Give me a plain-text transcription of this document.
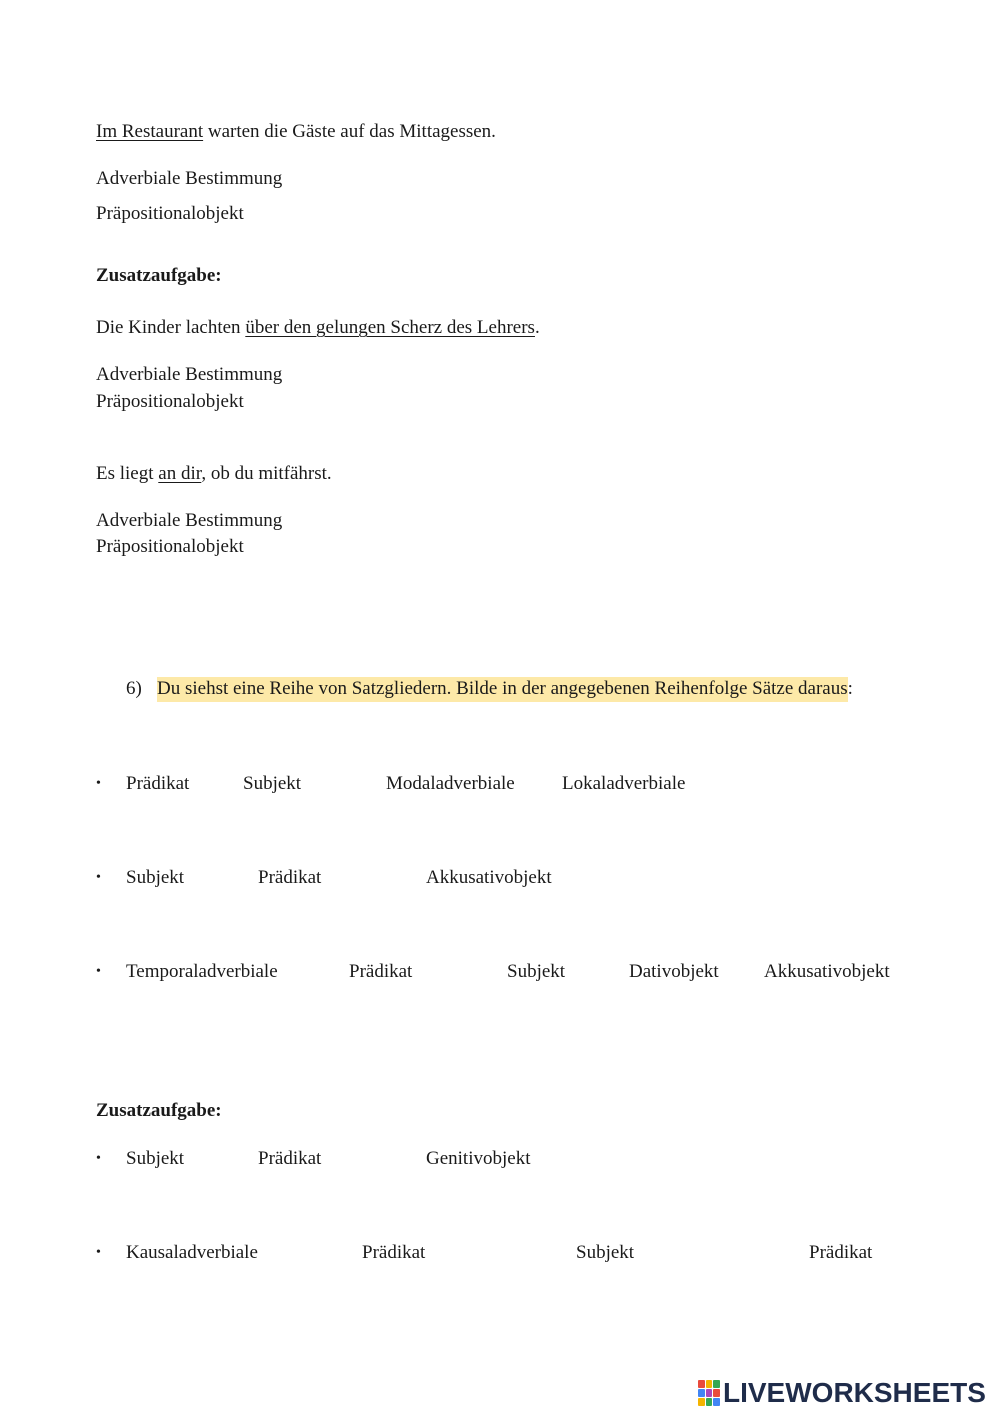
Im Restaurant warten die Gäste auf das Mittagessen.
Adverbiale Bestimmung
Präpositionalobjekt
Zusatzaufgabe:
Die Kinder lachten über den gelungen Scherz des Lehrers.
Adverbiale Bestimmung
Präpositionalobjekt
Es liegt an dir, ob du mitfährst.
Adverbiale Bestimmung
Präpositionalobjekt
6) Du siehst eine Reihe von Satzgliedern. Bilde in der angegebenen Reihenfolge Sätze daraus:
• Prädikat	Subjekt	Modaladverbiale Lokaladverbiale
• Subjekt	Prädikat	Akkusativobjekt
• Temporaladverbiale	Prädikat	Subjekt	Dativobjekt Akkusativobjekt
Zusatzaufgabe:
• Subjekt	Prädikat	Genitivobjekt
• Kausaladverbiale	Prädikat	Subjekt	Prädikat
LIVEWORKSHEETS
